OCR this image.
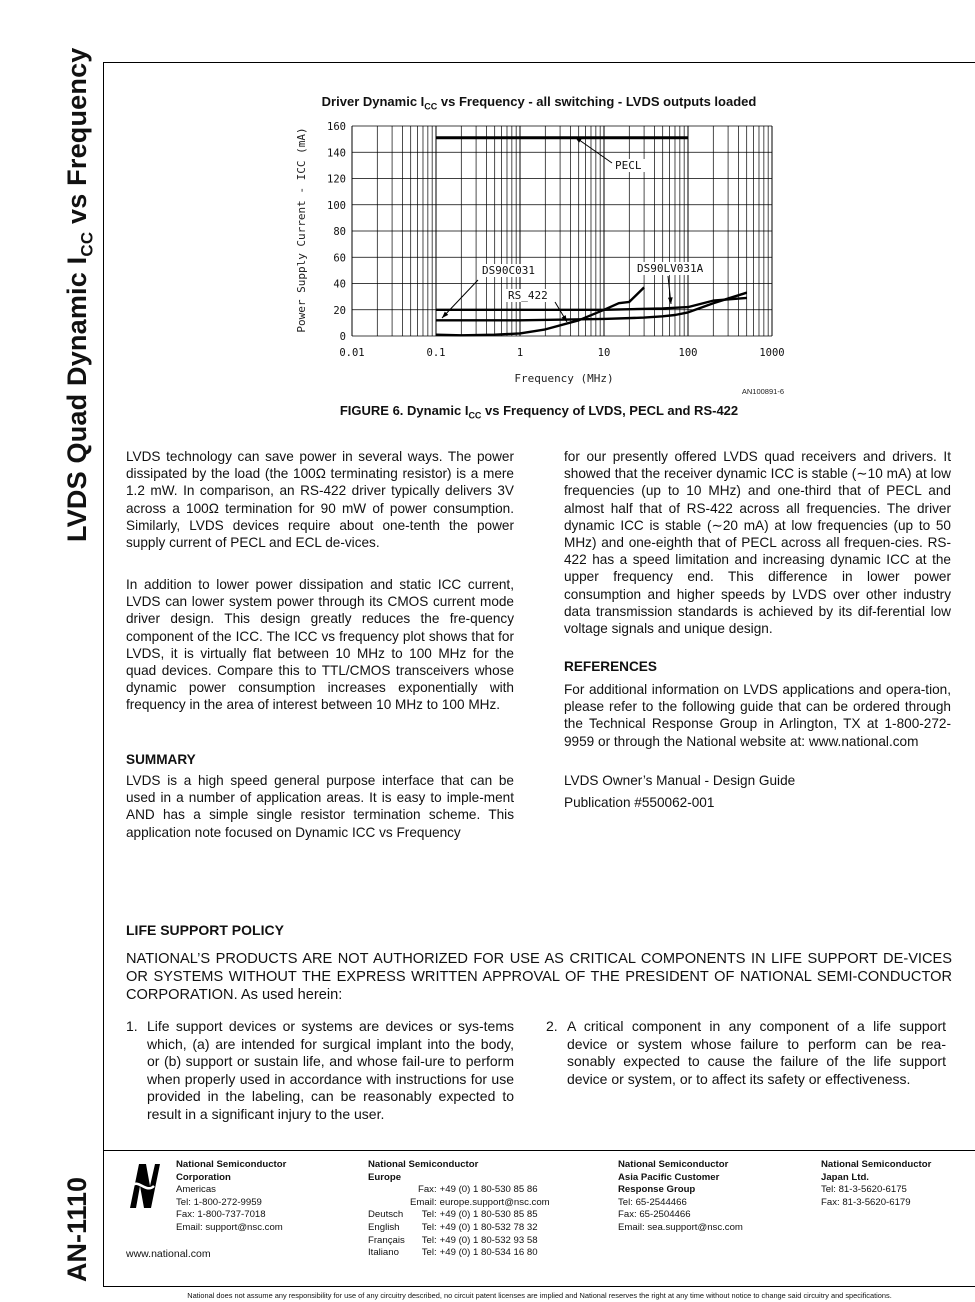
LVDS Quad Dynamic $I_{CC}$ vs Frequency
AN-1110
Driver Dynamic $I_{CC}$ vs Frequency - all switching - LVDS outputs loaded
0
20
40
60
80
100
120
140
160
0.01	0.1	1	10	100	1000
PECL
DS90C031
RS_422
DS90LV031A
Frequency (MHz)
Power Supply Current - ICC (mA)
AN100891-6
FIGURE 6. Dynamic $I_{CC}$ vs Frequency of LVDS, PECL and RS-422

LVDS technology can save power in several ways. The power dissipated by the load (the 100Ω terminating resistor) is a mere 1.2 mW. In comparison, an RS-422 driver typically delivers 3V across a 100Ω termination for 90 mW of power consumption. Similarly, LVDS devices require about one-tenth the power supply current of PECL and ECL de-vices.

In addition to lower power dissipation and static ICC current, LVDS can lower system power through its CMOS current mode driver design. This design greatly reduces the fre-quency component of the ICC. The ICC vs frequency plot shows that for LVDS, it is virtually flat between 10 MHz to 100 MHz for the quad devices. Compare this to TTL/CMOS transceivers whose dynamic power consumption increases exponentially with frequency in the area of interest between 10 MHz to 100 MHz.

SUMMARY

LVDS is a high speed general purpose interface that can be used in a number of application areas. It is easy to imple-ment AND has a simple single resistor termination scheme. This application note focused on Dynamic ICC vs Frequency

for our presently offered LVDS quad receivers and drivers. It showed that the receiver dynamic ICC is stable (∼10 mA) at low frequencies (up to 10 MHz) and one-third that of PECL and almost half that of RS-422 across all frequencies. The driver dynamic ICC is stable (∼20 mA) at low frequencies (up to 50 MHz) and one-eighth that of PECL across all frequen-cies. RS-422 has a speed limitation and increasing dynamic ICC at the upper frequency end. This difference in lower power consumption and higher speeds by LVDS over other industry data transmission standards is achieved by its dif-ferential low voltage signals and unique design.

REFERENCES

For additional information on LVDS applications and opera-tion, please refer to the following guide that can be ordered through the Technical Response Group in Arlington, TX at 1-800-272-9959 or through the National website at: www.national.com

LVDS Owner’s Manual - Design Guide

Publication #550062-001

LIFE SUPPORT POLICY
NATIONAL’S PRODUCTS ARE NOT AUTHORIZED FOR USE AS CRITICAL COMPONENTS IN LIFE SUPPORT DE-VICES OR SYSTEMS WITHOUT THE EXPRESS WRITTEN APPROVAL OF THE PRESIDENT OF NATIONAL SEMI-CONDUCTOR CORPORATION. As used herein:
1. Life support devices or systems are devices or sys-tems which, (a) are intended for surgical implant into the body, or (b) support or sustain life, and whose fail-ure to perform when properly used in accordance with instructions for use provided in the labeling, can be reasonably expected to result in a significant injury to the user.
2. A critical component in any component of a life support device or system whose failure to perform can be rea-sonably expected to cause the failure of the life support device or system, or to affect its safety or effectiveness.
National Semiconductor
Corporation
Americas
Tel: 1-800-272-9959
Fax: 1-800-737-7018
Email: support@nsc.com
www.national.com
National Semiconductor
Europe
	Fax:	+49 (0) 1 80-530 85 86
	Email:	europe.support@nsc.com
Deutsch	Tel:	+49 (0) 1 80-530 85 85
English	Tel:	+49 (0) 1 80-532 78 32
Français	Tel:	+49 (0) 1 80-532 93 58
Italiano	Tel:	+49 (0) 1 80-534 16 80
National Semiconductor
Asia Pacific Customer
Response Group
Tel: 65-2544466
Fax: 65-2504466
Email: sea.support@nsc.com
National Semiconductor
Japan Ltd.
Tel: 81-3-5620-6175
Fax: 81-3-5620-6179
National does not assume any responsibility for use of any circuitry described, no circuit patent licenses are implied and National reserves the right at any time without notice to change said circuitry and specifications.
